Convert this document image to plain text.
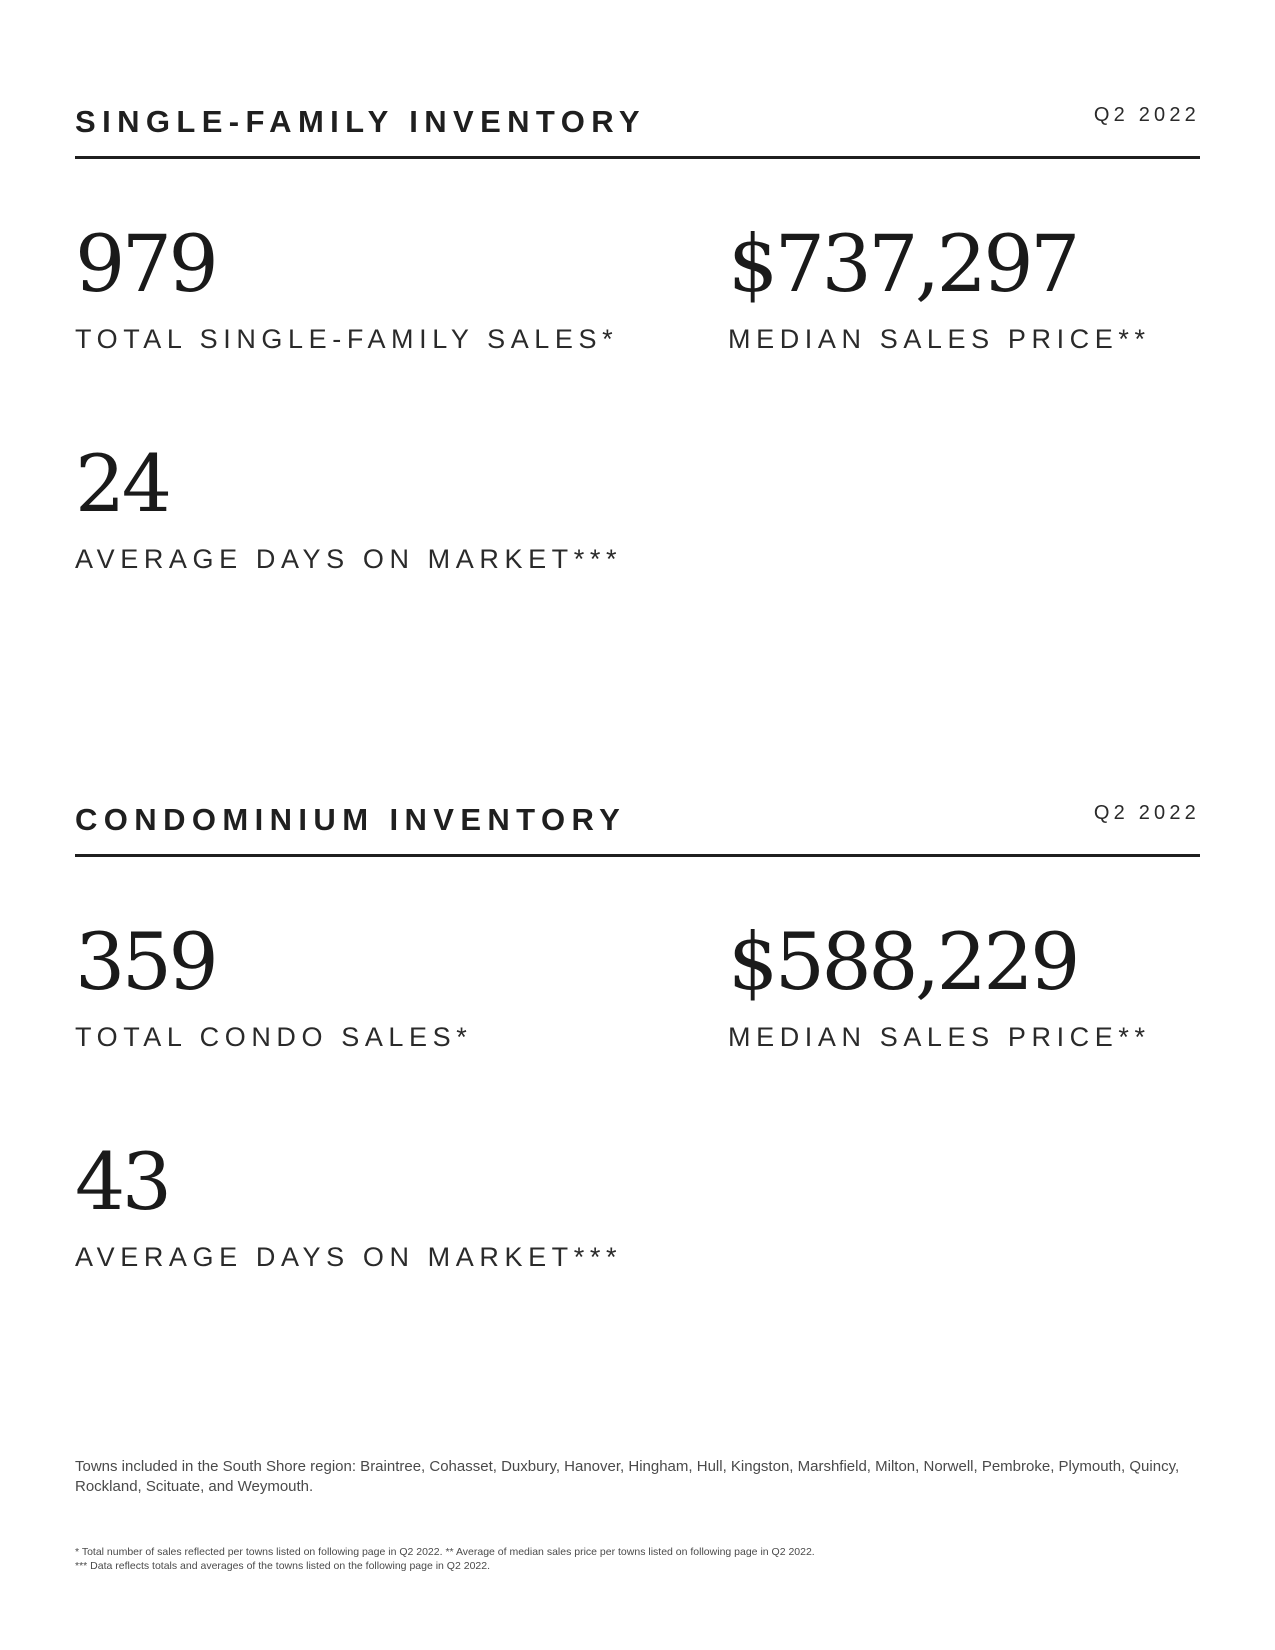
SINGLE-FAMILY INVENTORY	Q2 2022
979
TOTAL SINGLE-FAMILY SALES*
$737,297
MEDIAN SALES PRICE**
24
AVERAGE DAYS ON MARKET***
CONDOMINIUM INVENTORY	Q2 2022
359
TOTAL CONDO SALES*
$588,229
MEDIAN SALES PRICE**
43
AVERAGE DAYS ON MARKET***
Towns included in the South Shore region: Braintree, Cohasset, Duxbury, Hanover, Hingham, Hull, Kingston, Marshfield, Milton, Norwell, Pembroke, Plymouth, Quincy, Rockland, Scituate, and Weymouth.
* Total number of sales reflected per towns listed on following page in Q2 2022. ** Average of median sales price per towns listed on following page in Q2 2022.
*** Data reflects totals and averages of the towns listed on the following page in Q2 2022.
